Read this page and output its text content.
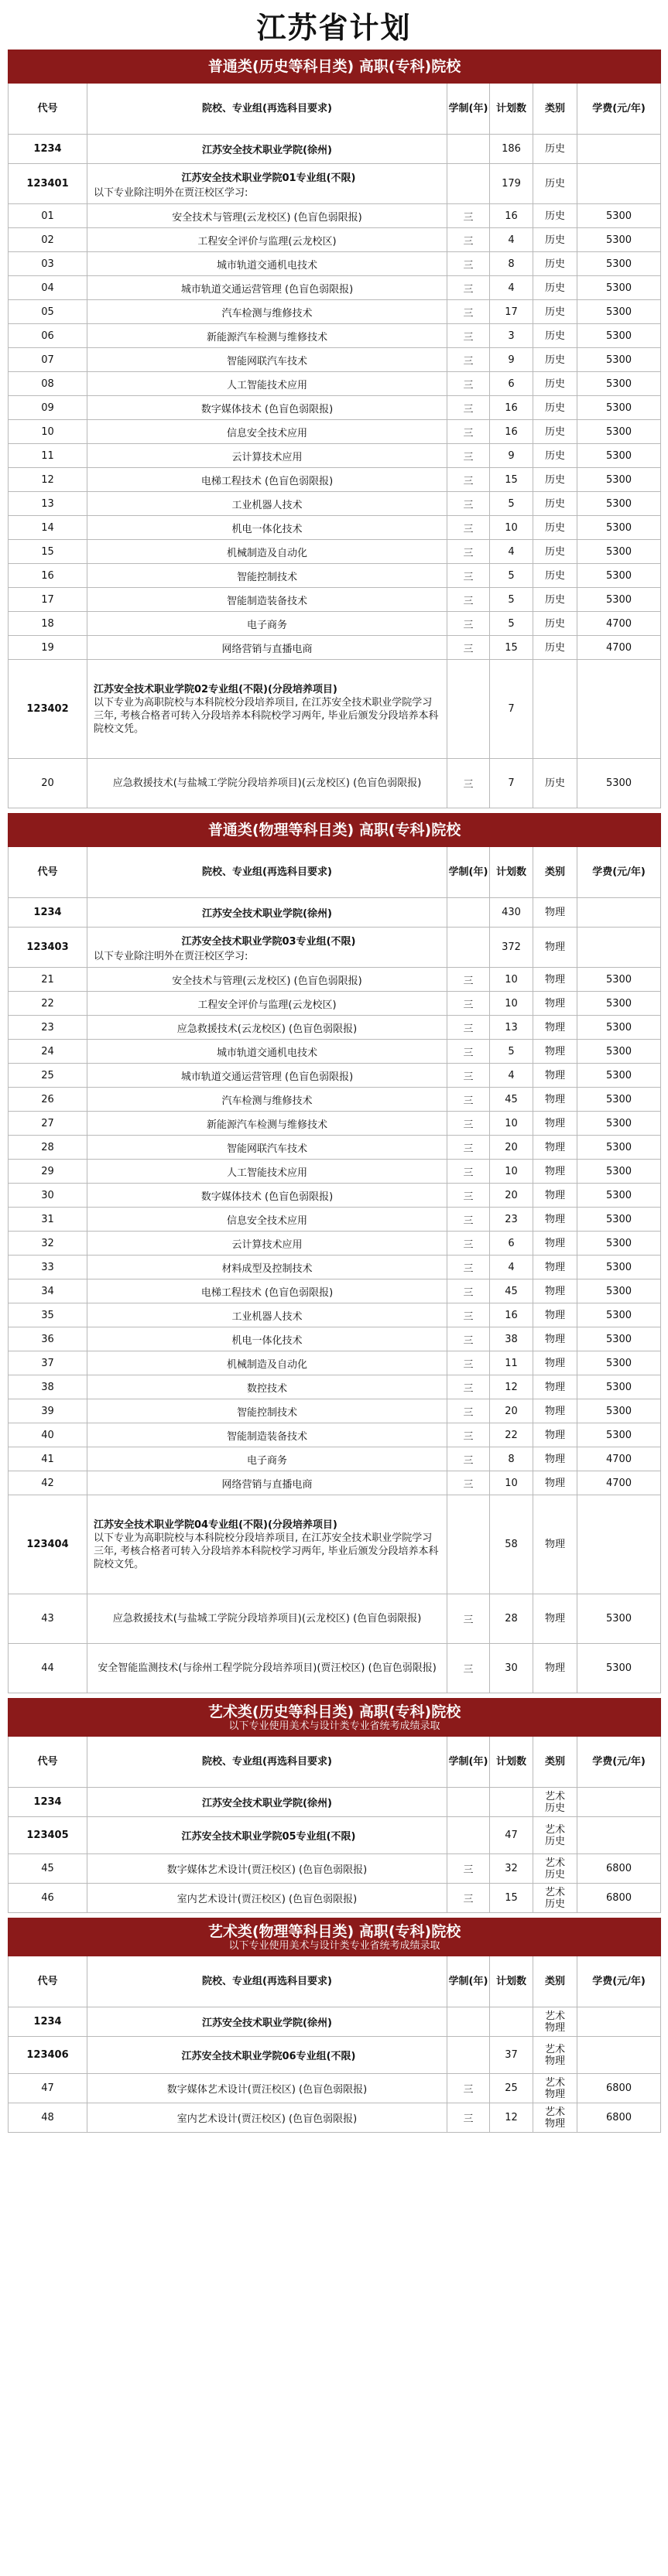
江苏省计划
普通类(历史等科目类) 高职(专科)院校					

代号	院校、专业组(再选科目要求)	学制(年)	计划数	类别	学费(元/年)
1234	江苏安全技术职业学院(徐州)		186	历史	

123401	江苏安全技术职业学院01专业组(不限)
以下专业除注明外在贾汪校区学习:		179	历史	

01	安全技术与管理(云龙校区) (色盲色弱限报)	三	16	历史	5300
02	工程安全评价与监理(云龙校区)	三	4	历史	5300
03	城市轨道交通机电技术	三	8	历史	5300
04	城市轨道交通运营管理 (色盲色弱限报)	三	4	历史	5300
05	汽车检测与维修技术	三	17	历史	5300
06	新能源汽车检测与维修技术	三	3	历史	5300
07	智能网联汽车技术	三	9	历史	5300
08	人工智能技术应用	三	6	历史	5300
09	数字媒体技术 (色盲色弱限报)	三	16	历史	5300
10	信息安全技术应用	三	16	历史	5300
11	云计算技术应用	三	9	历史	5300
12	电梯工程技术 (色盲色弱限报)	三	15	历史	5300
13	工业机器人技术	三	5	历史	5300
14	机电一体化技术	三	10	历史	5300
15	机械制造及自动化	三	4	历史	5300
16	智能控制技术	三	5	历史	5300
17	智能制造装备技术	三	5	历史	5300
18	电子商务	三	5	历史	4700
19	网络营销与直播电商	三	15	历史	4700
123402	江苏安全技术职业学院02专业组(不限)(分段培养项目)
以下专业为高职院校与本科院校分段培养项目, 在江苏安全技术职业学院学习三年, 考核合格者可转入分段培养本科院校学习两年, 毕业后颁发分段培养本科院校文凭。		7		
20	应急救援技术(与盐城工学院分段培养项目)(云龙校区) (色盲色弱限报)	三	7	历史	5300
普通类(物理等科目类) 高职(专科)院校					

代号	院校、专业组(再选科目要求)	学制(年)	计划数	类别	学费(元/年)
1234	江苏安全技术职业学院(徐州)		430	物理	

123403	江苏安全技术职业学院03专业组(不限)
以下专业除注明外在贾汪校区学习:		372	物理	

21	安全技术与管理(云龙校区) (色盲色弱限报)	三	10	物理	5300
22	工程安全评价与监理(云龙校区)	三	10	物理	5300
23	应急救援技术(云龙校区) (色盲色弱限报)	三	13	物理	5300
24	城市轨道交通机电技术	三	5	物理	5300
25	城市轨道交通运营管理 (色盲色弱限报)	三	4	物理	5300
26	汽车检测与维修技术	三	45	物理	5300
27	新能源汽车检测与维修技术	三	10	物理	5300
28	智能网联汽车技术	三	20	物理	5300
29	人工智能技术应用	三	10	物理	5300
30	数字媒体技术 (色盲色弱限报)	三	20	物理	5300
31	信息安全技术应用	三	23	物理	5300
32	云计算技术应用	三	6	物理	5300
33	材料成型及控制技术	三	4	物理	5300
34	电梯工程技术 (色盲色弱限报)	三	45	物理	5300
35	工业机器人技术	三	16	物理	5300
36	机电一体化技术	三	38	物理	5300
37	机械制造及自动化	三	11	物理	5300
38	数控技术	三	12	物理	5300
39	智能控制技术	三	20	物理	5300
40	智能制造装备技术	三	22	物理	5300
41	电子商务	三	8	物理	4700
42	网络营销与直播电商	三	10	物理	4700
123404	江苏安全技术职业学院04专业组(不限)(分段培养项目)
以下专业为高职院校与本科院校分段培养项目, 在江苏安全技术职业学院学习三年, 考核合格者可转入分段培养本科院校学习两年, 毕业后颁发分段培养本科院校文凭。		58	物理	

43	应急救援技术(与盐城工学院分段培养项目)(云龙校区) (色盲色弱限报)	三	28	物理	5300
44	安全智能监测技术(与徐州工程学院分段培养项目)(贾汪校区) (色盲色弱限报)	三	30	物理	5300
艺术类(历史等科目类) 高职(专科)院校
以下专业使用美术与设计类专业省统考成绩录取					

代号	院校、专业组(再选科目要求)	学制(年)	计划数	类别	学费(元/年)
1234	江苏安全技术职业学院(徐州)			艺术
历史	

123405	江苏安全技术职业学院05专业组(不限)		47	艺术
历史	

45	数字媒体艺术设计(贾汪校区) (色盲色弱限报)	三	32	艺术
历史	6800
46	室内艺术设计(贾汪校区) (色盲色弱限报)	三	15	艺术
历史	6800
艺术类(物理等科目类) 高职(专科)院校
以下专业使用美术与设计类专业省统考成绩录取					

代号	院校、专业组(再选科目要求)	学制(年)	计划数	类别	学费(元/年)
1234	江苏安全技术职业学院(徐州)			艺术
物理	

123406	江苏安全技术职业学院06专业组(不限)		37	艺术
物理	

47	数字媒体艺术设计(贾汪校区) (色盲色弱限报)	三	25	艺术
物理	6800
48	室内艺术设计(贾汪校区) (色盲色弱限报)	三	12	艺术
物理	6800
